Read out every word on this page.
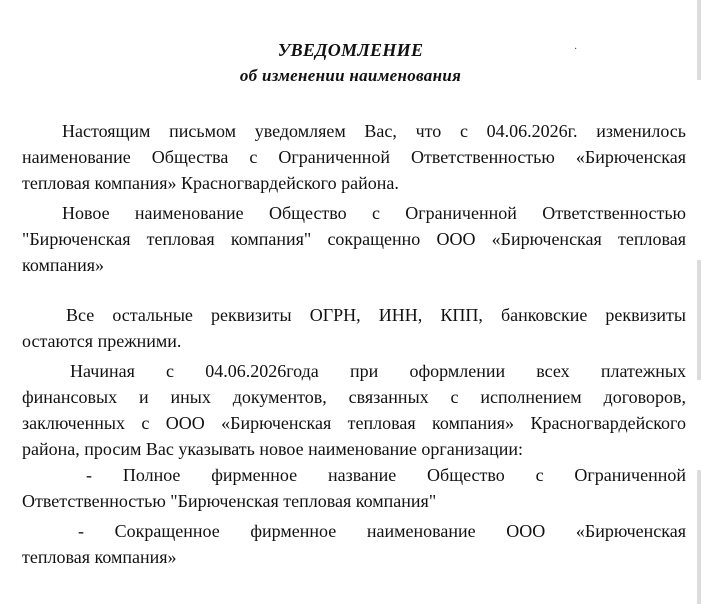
УВЕДОМЛЕНИЕ
об изменении наименования
·
Настоящим письмом уведомляем Вас, что с 04.06.2026г. изменилось
наименование Общества с Ограниченной Ответственностью «Бирюченская
тепловая компания» Красногвардейского района.
Новое наименование Общество с Ограниченной Ответственностью
"Бирюченская тепловая компания" сокращенно ООО «Бирюченская тепловая
компания»
Все остальные реквизиты ОГРН, ИНН, КПП, банковские реквизиты
остаются прежними.
Начиная с 04.06.2026года при оформлении всех платежных
финансовых и иных документов, связанных с исполнением договоров,
заключенных с ООО «Бирюченская тепловая компания» Красногвардейского
района, просим Вас указывать новое наименование организации:
- Полное фирменное название Общество с Ограниченной
Ответственностью "Бирюченская тепловая компания"
- Сокращенное фирменное наименование ООО «Бирюченская
тепловая компания»
